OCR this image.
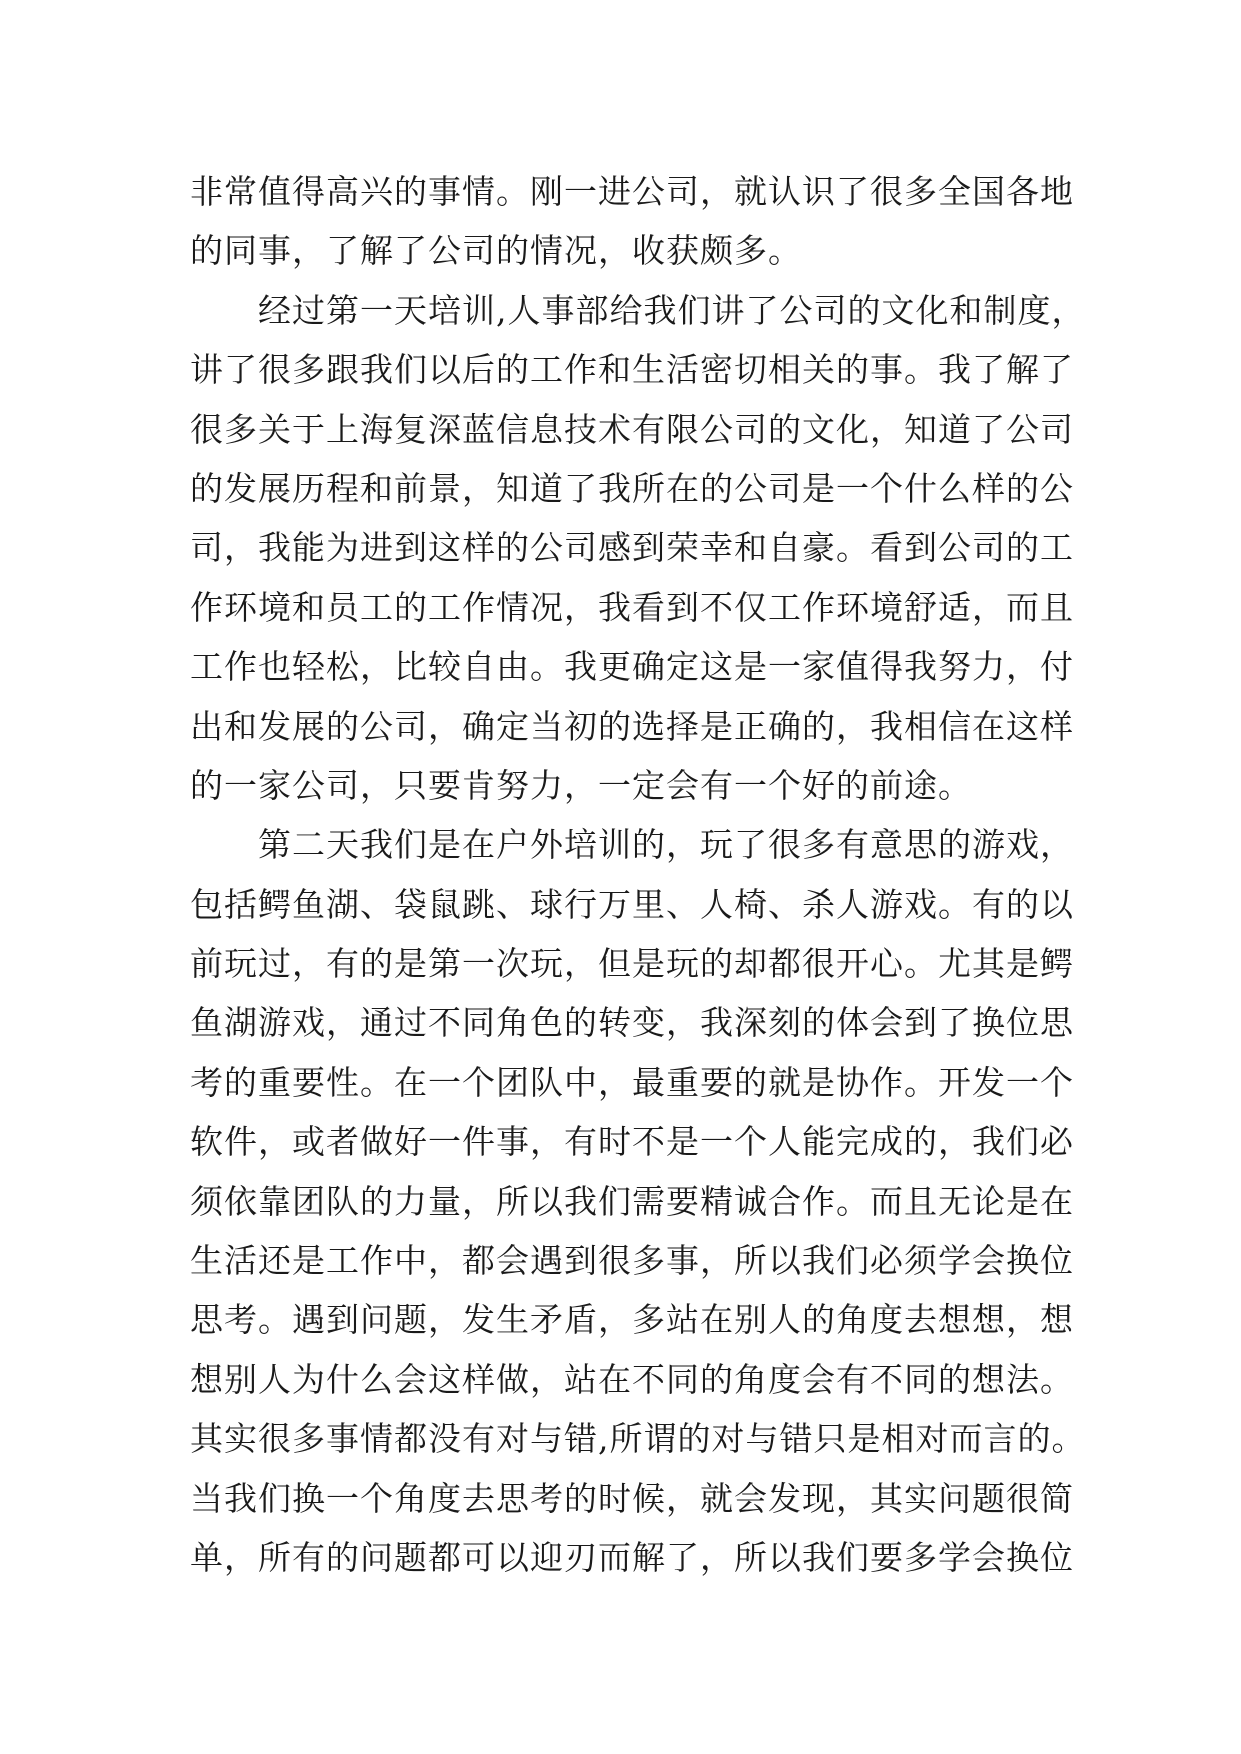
非常值得高兴的事情。刚一进公司，就认识了很多全国各地
的同事，了解了公司的情况，收获颇多。
经过第一天培训,人事部给我们讲了公司的文化和制度，
讲了很多跟我们以后的工作和生活密切相关的事。我了解了
很多关于上海复深蓝信息技术有限公司的文化，知道了公司
的发展历程和前景，知道了我所在的公司是一个什么样的公
司，我能为进到这样的公司感到荣幸和自豪。看到公司的工
作环境和员工的工作情况，我看到不仅工作环境舒适，而且
工作也轻松，比较自由。我更确定这是一家值得我努力，付
出和发展的公司，确定当初的选择是正确的，我相信在这样
的一家公司，只要肯努力，一定会有一个好的前途。
第二天我们是在户外培训的，玩了很多有意思的游戏，
包括鳄鱼湖、袋鼠跳、球行万里、人椅、杀人游戏。有的以
前玩过，有的是第一次玩，但是玩的却都很开心。尤其是鳄
鱼湖游戏，通过不同角色的转变，我深刻的体会到了换位思
考的重要性。在一个团队中，最重要的就是协作。开发一个
软件，或者做好一件事，有时不是一个人能完成的，我们必
须依靠团队的力量，所以我们需要精诚合作。而且无论是在
生活还是工作中，都会遇到很多事，所以我们必须学会换位
思考。遇到问题，发生矛盾，多站在别人的角度去想想，想
想别人为什么会这样做，站在不同的角度会有不同的想法。
其实很多事情都没有对与错,所谓的对与错只是相对而言的。
当我们换一个角度去思考的时候，就会发现，其实问题很简
单，所有的问题都可以迎刃而解了，所以我们要多学会换位
